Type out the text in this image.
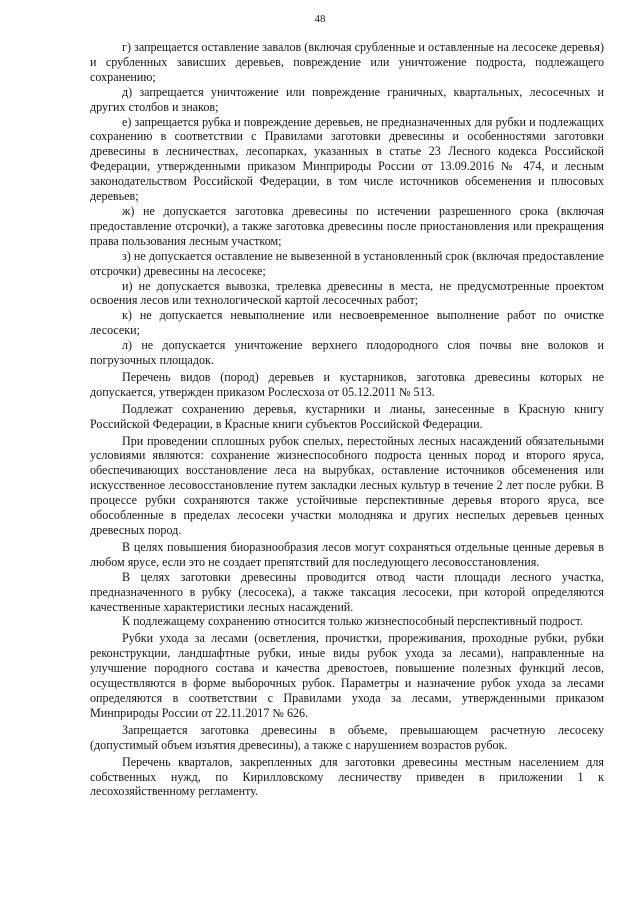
48

г) запрещается оставление завалов (включая срубленные и оставленные на лесосеке деревья) и срубленных зависших деревьев, повреждение или уничтожение подроста, подлежащего сохранению;

д) запрещается уничтожение или повреждение граничных, квартальных, лесосечных и других столбов и знаков;

е) запрещается рубка и повреждение деревьев, не предназначенных для рубки и подлежащих сохранению в соответствии с Правилами заготовки древесины и особенностями заготовки древесины в лесничествах, лесопарках, указанных в статье 23 Лесного кодекса Российской Федерации, утвержденными приказом Минприроды России от 13.09.2016 № 474, и лесным законодательством Российской Федерации, в том числе источников обсеменения и плюсовых деревьев;

ж) не допускается заготовка древесины по истечении разрешенного срока (включая предоставление отсрочки), а также заготовка древесины после приостановления или прекращения права пользования лесным участком;

з) не допускается оставление не вывезенной в установленный срок (включая предоставление отсрочки) древесины на лесосеке;

и) не допускается вывозка, трелевка древесины в места, не предусмотренные проектом освоения лесов или технологической картой лесосечных работ;

к) не допускается невыполнение или несвоевременное выполнение работ по очистке лесосеки;

л) не допускается уничтожение верхнего плодородного слоя почвы вне волоков и погрузочных площадок.

Перечень видов (пород) деревьев и кустарников, заготовка древесины которых не допускается, утвержден приказом Рослесхоза от 05.12.2011 № 513.

Подлежат сохранению деревья, кустарники и лианы, занесенные в Красную книгу Российской Федерации, в Красные книги субъектов Российской Федерации.

При проведении сплошных рубок спелых, перестойных лесных насаждений обязательными условиями являются: сохранение жизнеспособного подроста ценных пород и второго яруса, обеспечивающих восстановление леса на вырубках, оставление источников обсеменения или искусственное лесовосстановление путем закладки лесных культур в течение 2 лет после рубки. В процессе рубки сохраняются также устойчивые перспективные деревья второго яруса, все обособленные в пределах лесосеки участки молодняка и других неспелых деревьев ценных древесных пород.

В целях повышения биоразнообразия лесов могут сохраняться отдельные ценные деревья в любом ярусе, если это не создает препятствий для последующего лесовосстановления.

В целях заготовки древесины проводится отвод части площади лесного участка, предназначенного в рубку (лесосека), а также таксация лесосеки, при которой определяются качественные характеристики лесных насаждений.

К подлежащему сохранению относится только жизнеспособный перспективный подрост.

Рубки ухода за лесами (осветления, прочистки, прореживания, проходные рубки, рубки реконструкции, ландшафтные рубки, иные виды рубок ухода за лесами), направленные на улучшение породного состава и качества древостоев, повышение полезных функций лесов, осуществляются в форме выборочных рубок. Параметры и назначение рубок ухода за лесами определяются в соответствии с Правилами ухода за лесами, утвержденными приказом Минприроды России от 22.11.2017 № 626.

Запрещается заготовка древесины в объеме, превышающем расчетную лесосеку (допустимый объем изъятия древесины), а также с нарушением возрастов рубок.

Перечень кварталов, закрепленных для заготовки древесины местным населением для собственных нужд, по Кирилловскому лесничеству приведен в приложении 1 к лесохозяйственному регламенту.
